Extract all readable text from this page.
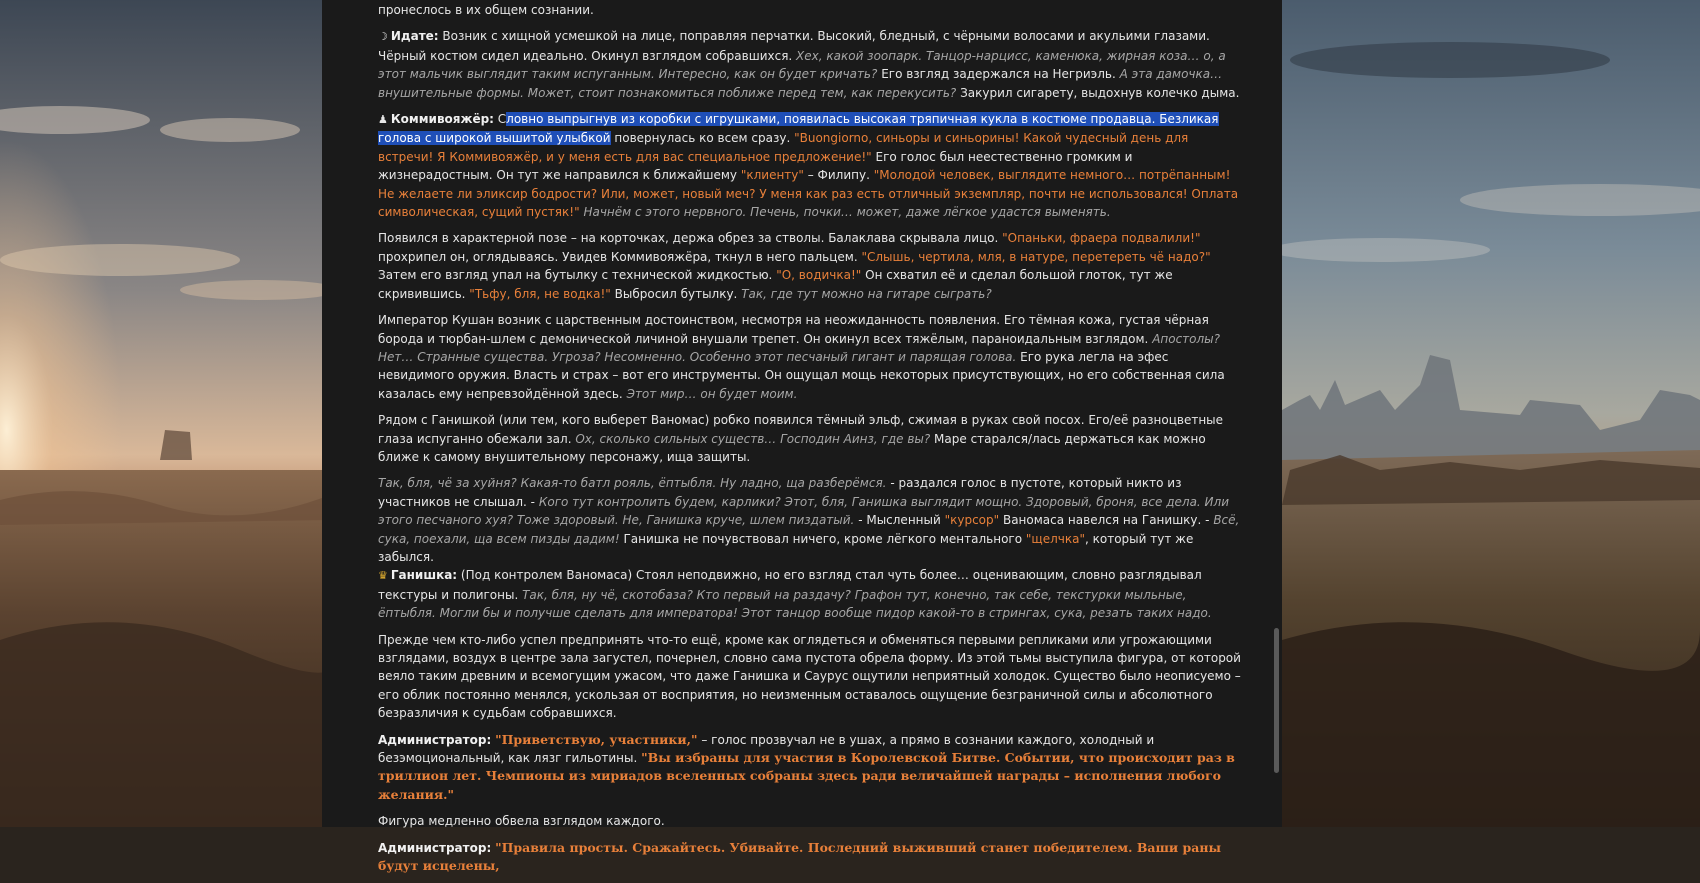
пронеслось в их общем сознании.

☽ Идате: Возник с хищной усмешкой на лице, поправляя перчатки. Высокий, бледный, с чёрными волосами и акульими глазами. Чёрный костюм сидел идеально. Окинул взглядом собравшихся. Хех, какой зоопарк. Танцор-нарцисс, каменюка, жирная коза… о, а этот мальчик выглядит таким испуганным. Интересно, как он будет кричать? Его взгляд задержался на Негриэль. А эта дамочка… внушительные формы. Может, стоит познакомиться поближе перед тем, как перекусить? Закурил сигарету, выдохнув колечко дыма.

♟ Коммивояжёр: Словно выпрыгнув из коробки с игрушками, появилась высокая тряпичная кукла в костюме продавца. Безликая голова с широкой вышитой улыбкой повернулась ко всем сразу. "Buongiorno, синьоры и синьорины! Какой чудесный день для встречи! Я Коммивояжёр, и у меня есть для вас специальное предложение!" Его голос был неестественно громким и жизнерадостным. Он тут же направился к ближайшему "клиенту" – Филипу. "Молодой человек, выглядите немного… потрёпанным! Не желаете ли эликсир бодрости? Или, может, новый меч? У меня как раз есть отличный экземпляр, почти не использовался! Оплата символическая, сущий пустяк!" Начнём с этого нервного. Печень, почки… может, даже лёгкое удастся выменять.

Появился в характерной позе – на корточках, держа обрез за стволы. Балаклава скрывала лицо. "Опаньки, фраера подвалили!" прохрипел он, оглядываясь. Увидев Коммивояжёра, ткнул в него пальцем. "Слышь, чертила, мля, в натуре, перетереть чё надо?" Затем его взгляд упал на бутылку с технической жидкостью. "О, водичка!" Он схватил её и сделал большой глоток, тут же скривившись. "Тьфу, бля, не водка!" Выбросил бутылку. Так, где тут можно на гитаре сыграть?

Император Кушан возник с царственным достоинством, несмотря на неожиданность появления. Его тёмная кожа, густая чёрная борода и тюрбан-шлем с демонической личиной внушали трепет. Он окинул всех тяжёлым, параноидальным взглядом. Апостолы? Нет… Странные существа. Угроза? Несомненно. Особенно этот песчаный гигант и парящая голова. Его рука легла на эфес невидимого оружия. Власть и страх – вот его инструменты. Он ощущал мощь некоторых присутствующих, но его собственная сила казалась ему непревзойдённой здесь. Этот мир… он будет моим.

Рядом с Ганишкой (или тем, кого выберет Ваномас) робко появился тёмный эльф, сжимая в руках свой посох. Его/её разноцветные глаза испуганно обежали зал. Ох, сколько сильных существ… Господин Аинз, где вы? Маре старался/лась держаться как можно ближе к самому внушительному персонажу, ища защиты.

Так, бля, чё за хуйня? Какая-то батл рояль, ёптыбля. Ну ладно, ща разберёмся. - раздался голос в пустоте, который никто из участников не слышал. - Кого тут контролить будем, карлики? Этот, бля, Ганишка выглядит мощно. Здоровый, броня, все дела. Или этого песчаного хуя? Тоже здоровый. Не, Ганишка круче, шлем пиздатый. - Мысленный "курсор" Ваномаса навелся на Ганишку. - Всё, сука, поехали, ща всем пизды дадим! Ганишка не почувствовал ничего, кроме лёгкого ментального "щелчка", который тут же забылся.

♛ Ганишка: (Под контролем Ваномаса) Стоял неподвижно, но его взгляд стал чуть более… оценивающим, словно разглядывал текстуры и полигоны. Так, бля, ну чё, скотобаза? Кто первый на раздачу? Графон тут, конечно, так себе, текстурки мыльные, ёптыбля. Могли бы и получше сделать для императора! Этот танцор вообще пидор какой-то в стрингах, сука, резать таких надо.

Прежде чем кто-либо успел предпринять что-то ещё, кроме как оглядеться и обменяться первыми репликами или угрожающими взглядами, воздух в центре зала загустел, почернел, словно сама пустота обрела форму. Из этой тьмы выступила фигура, от которой веяло таким древним и всемогущим ужасом, что даже Ганишка и Саурус ощутили неприятный холодок. Существо было неописуемо – его облик постоянно менялся, ускользая от восприятия, но неизменным оставалось ощущение безграничной силы и абсолютного безразличия к судьбам собравшихся.

Администратор: "Приветствую, участники," – голос прозвучал не в ушах, а прямо в сознании каждого, холодный и безэмоциональный, как лязг гильотины. "Вы избраны для участия в Королевской Битве. Событии, что происходит раз в триллион лет. Чемпионы из мириадов вселенных собраны здесь ради величайшей награды – исполнения любого желания."

Фигура медленно обвела взглядом каждого.

Администратор: "Правила просты. Сражайтесь. Убивайте. Последний выживший станет победителем. Ваши раны будут исцелены,
